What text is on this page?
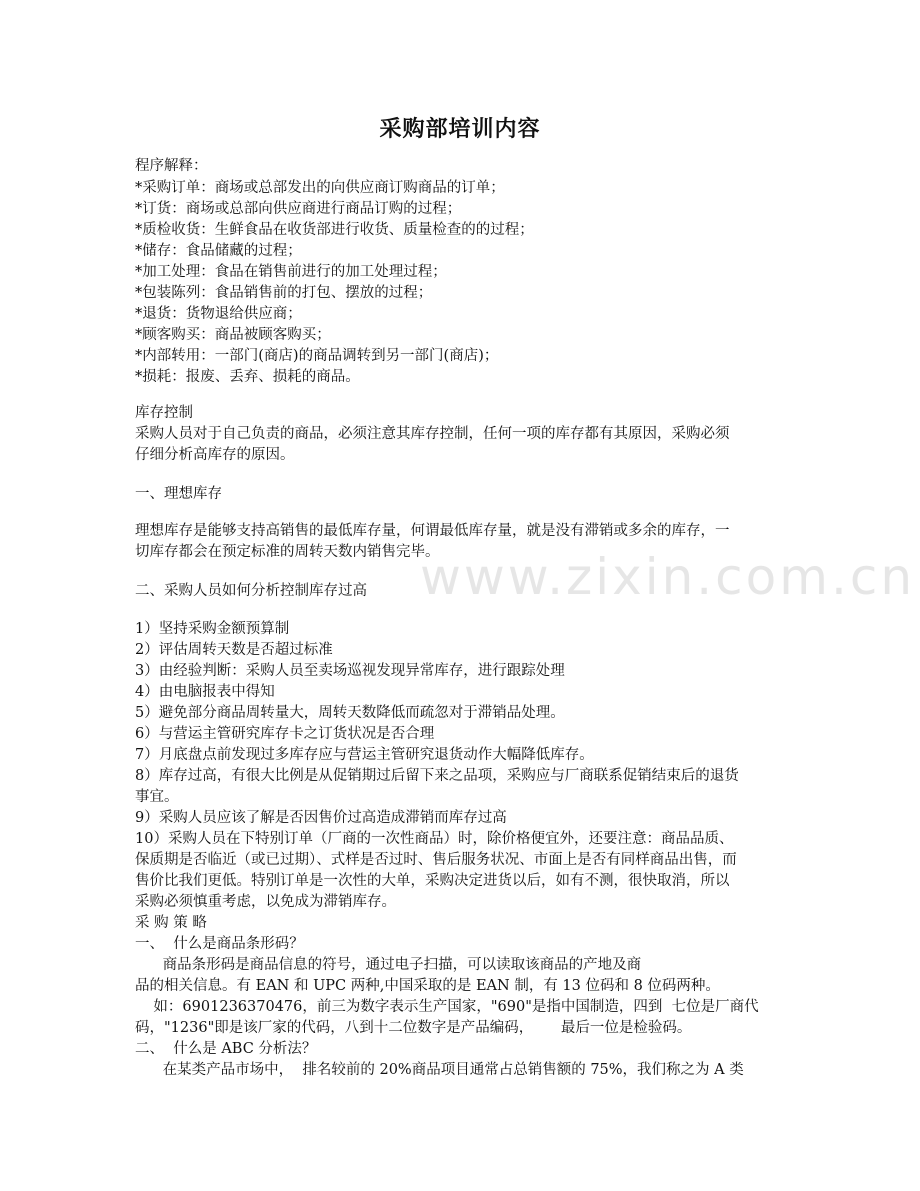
www.zixin.com.cn
采购部培训内容
程序解释：
*采购订单：商场或总部发出的向供应商订购商品的订单；
*订货：商场或总部向供应商进行商品订购的过程；
*质检收货：生鲜食品在收货部进行收货、质量检查的的过程；
*储存：食品储藏的过程；
*加工处理：食品在销售前进行的加工处理过程；
*包装陈列：食品销售前的打包、摆放的过程；
*退货：货物退给供应商；
*顾客购买：商品被顾客购买；
*内部转用：一部门(商店)的商品调转到另一部门(商店)；
*损耗：报废、丢弃、损耗的商品。
库存控制
采购人员对于自己负责的商品，必须注意其库存控制，任何一项的库存都有其原因，采购必须
仔细分析高库存的原因。
一、理想库存
理想库存是能够支持高销售的最低库存量，何谓最低库存量，就是没有滞销或多余的库存，一
切库存都会在预定标准的周转天数内销售完毕。
二、采购人员如何分析控制库存过高
1）坚持采购金额预算制
2）评估周转天数是否超过标准
3）由经验判断：采购人员至卖场巡视发现异常库存，进行跟踪处理
4）由电脑报表中得知
5）避免部分商品周转量大，周转天数降低而疏忽对于滞销品处理。
6）与营运主管研究库存卡之订货状况是否合理
7）月底盘点前发现过多库存应与营运主管研究退货动作大幅降低库存。
8）库存过高，有很大比例是从促销期过后留下来之品项，采购应与厂商联系促销结束后的退货
事宜。
9）采购人员应该了解是否因售价过高造成滞销而库存过高
10）采购人员在下特别订单（厂商的一次性商品）时，除价格便宜外，还要注意：商品品质、
保质期是否临近（或已过期）、式样是否过时、售后服务状况、市面上是否有同样商品出售，而
售价比我们更低。特别订单是一次性的大单，采购决定进货以后，如有不测，很快取消，所以
采购必须慎重考虑，以免成为滞销库存。
采 购 策 略
一、  什么是商品条形码？
商品条形码是商品信息的符号，通过电子扫描，可以读取该商品的产地及商
品的相关信息。有 EAN 和 UPC 两种,中国采取的是 EAN 制，有 13 位码和 8 位码两种。
如：6901236370476，前三为数字表示生产国家，"690"是指中国制造，四到  七位是厂商代
码，"1236"即是该厂家的代码，八到十二位数字是产品编码，      最后一位是检验码。
二、  什么是 ABC 分析法？
在某类产品市场中，  排名较前的 20%商品项目通常占总销售额的 75%，我们称之为 A 类
